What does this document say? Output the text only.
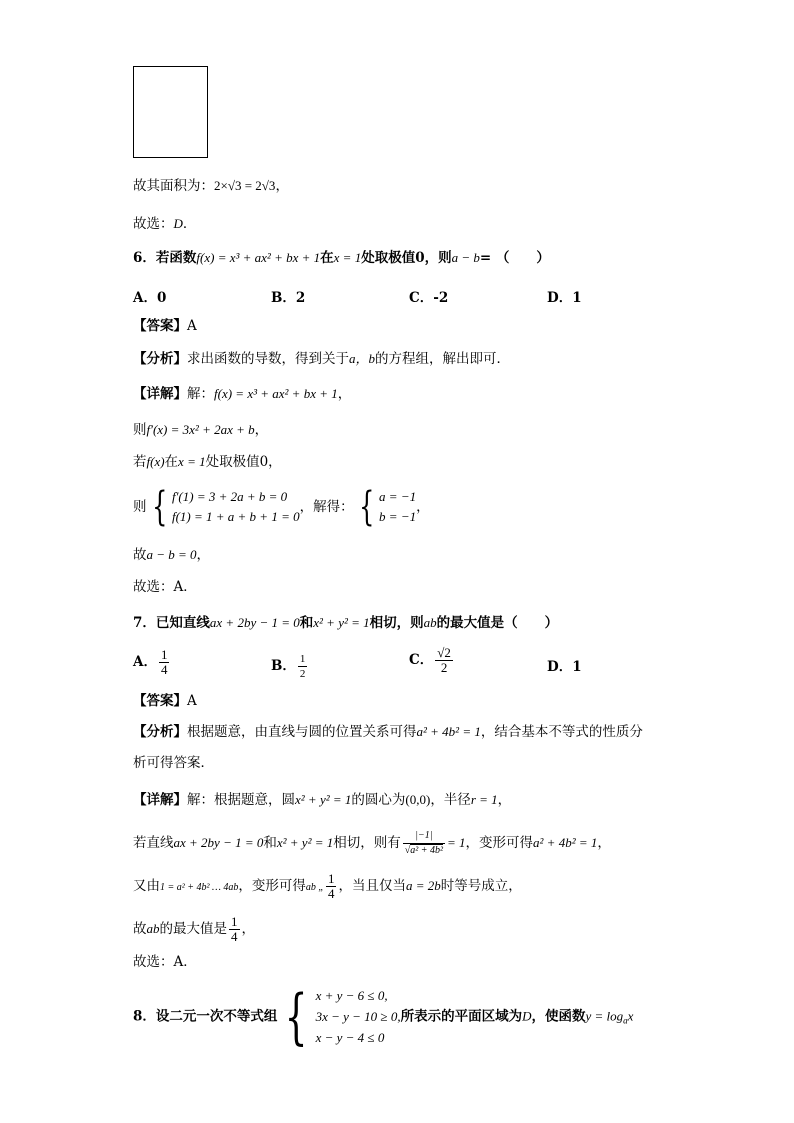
故其面积为：2×√3 = 2√3，
故选：D．
6．若函数f(x) = x³ + ax² + bx + 1在x = 1处取极值0，则a − b= （　　）
A．0	B．2	C．-2	D．1
【答案】A
【分析】求出函数的导数，得到关于a，b的方程组，解出即可．
【详解】解：f(x) = x³ + ax² + bx + 1，
则f′(x) = 3x² + 2ax + b，
若f(x)在x = 1处取极值0，
则 { f′(1) = 3 + 2a + b = 0
f(1) = 1 + a + b + 1 = 0
，解得： { a = −1
b = −1
，
故a − b = 0，
故选：A．
7．已知直线ax + 2by − 1 = 0和x² + y² = 1相切，则ab的最大值是（　　）
A． $\frac{1}{4}$	B． $\frac{1}{2}$	C． $\frac{√2}{2}$	D．1
【答案】A
【分析】根据题意，由直线与圆的位置关系可得a² + 4b² = 1，结合基本不等式的性质分
析可得答案．
【详解】解：根据题意，圆x² + y² = 1的圆心为(0,0)，半径r = 1，
若直线ax + 2by − 1 = 0和x² + y² = 1相切，则有 $\frac{|-1|}{\text{√a² + 4b²}} = 1$，变形可得a² + 4b² = 1，
又由1 = a² + 4b² … 4ab，变形可得ab „ $\frac{1}{4}$ ，当且仅当a = 2b时等号成立，
故ab的最大值是 $\frac{1}{4}$ ，
故选：A．
8．设二元一次不等式组 { x + y − 6 ≤ 0,
3x − y − 10 ≥ 0,
x − y − 4 ≤ 0
所表示的平面区域为D，使函数$y = \log_ax$
